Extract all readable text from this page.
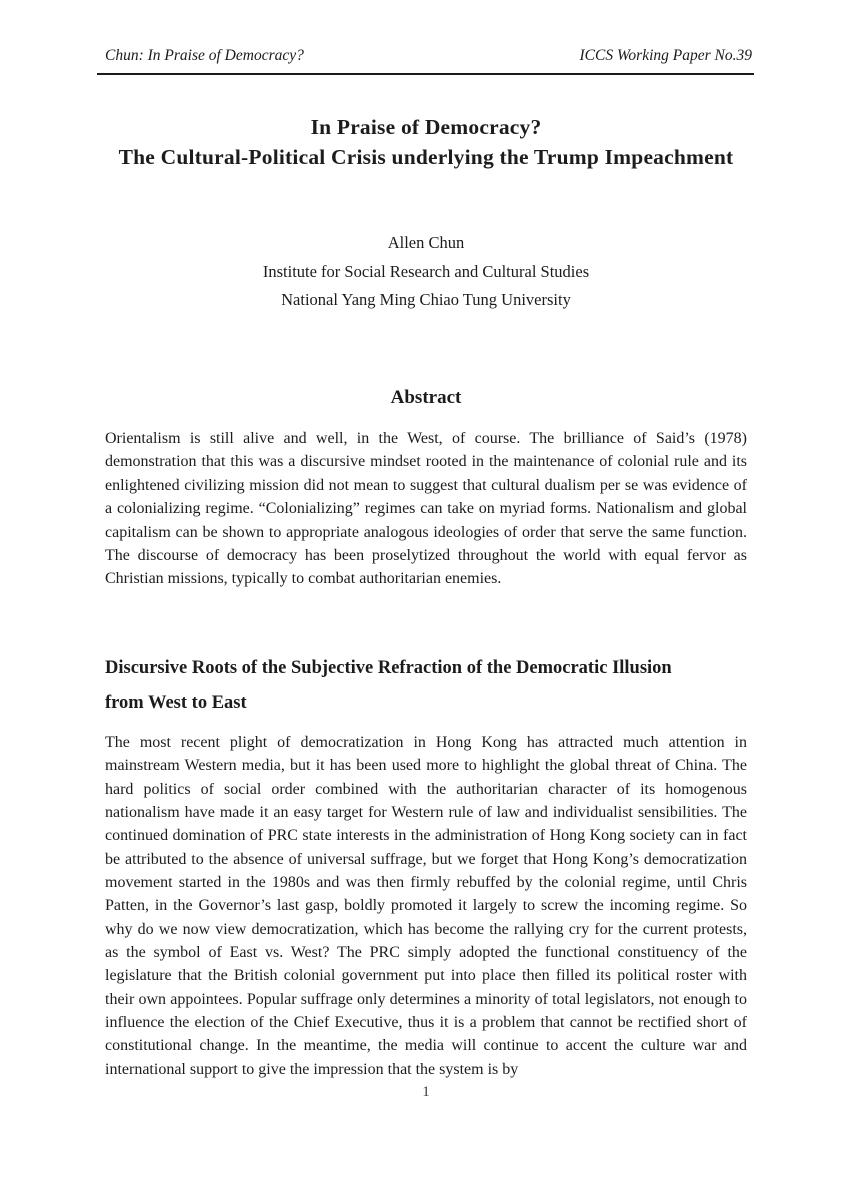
Chun: In Praise of Democracy?	ICCS Working Paper No.39
In Praise of Democracy?
The Cultural-Political Crisis underlying the Trump Impeachment
Allen Chun
Institute for Social Research and Cultural Studies
National Yang Ming Chiao Tung University
Abstract
Orientalism is still alive and well, in the West, of course. The brilliance of Said’s (1978) demonstration that this was a discursive mindset rooted in the maintenance of colonial rule and its enlightened civilizing mission did not mean to suggest that cultural dualism per se was evidence of a colonializing regime. “Colonializing” regimes can take on myriad forms. Nationalism and global capitalism can be shown to appropriate analogous ideologies of order that serve the same function. The discourse of democracy has been proselytized throughout the world with equal fervor as Christian missions, typically to combat authoritarian enemies.
Discursive Roots of the Subjective Refraction of the Democratic Illusion
from West to East
The most recent plight of democratization in Hong Kong has attracted much attention in mainstream Western media, but it has been used more to highlight the global threat of China. The hard politics of social order combined with the authoritarian character of its homogenous nationalism have made it an easy target for Western rule of law and individualist sensibilities. The continued domination of PRC state interests in the administration of Hong Kong society can in fact be attributed to the absence of universal suffrage, but we forget that Hong Kong’s democratization movement started in the 1980s and was then firmly rebuffed by the colonial regime, until Chris Patten, in the Governor’s last gasp, boldly promoted it largely to screw the incoming regime. So why do we now view democratization, which has become the rallying cry for the current protests, as the symbol of East vs. West? The PRC simply adopted the functional constituency of the legislature that the British colonial government put into place then filled its political roster with their own appointees. Popular suffrage only determines a minority of total legislators, not enough to influence the election of the Chief Executive, thus it is a problem that cannot be rectified short of constitutional change. In the meantime, the media will continue to accent the culture war and international support to give the impression that the system is by
1
